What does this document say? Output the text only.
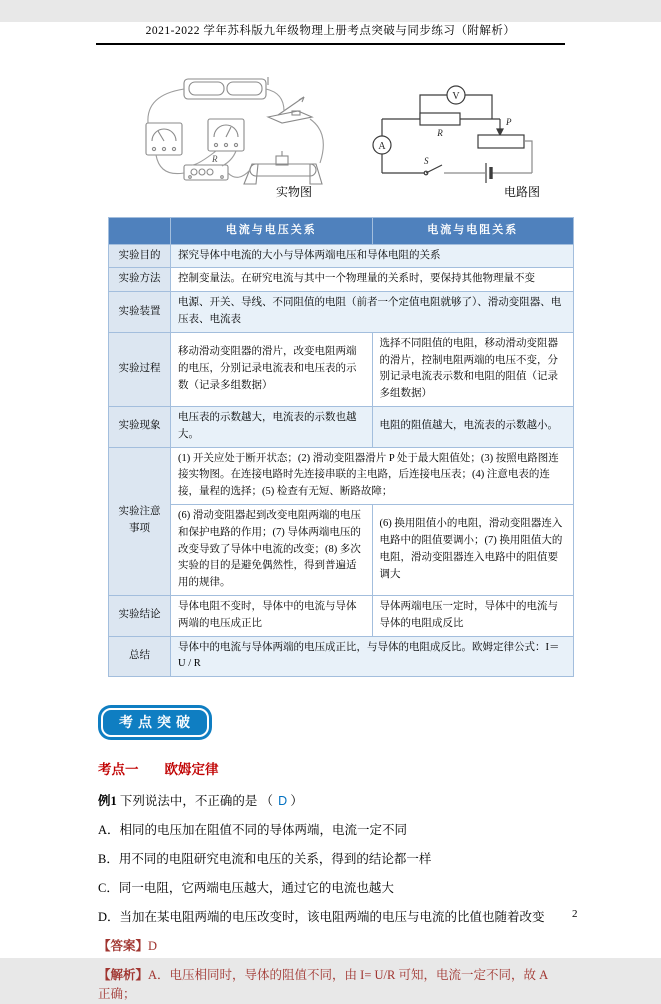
2021-2022 学年苏科版九年级物理上册考点突破与同步练习（附解析）
R
实物图
V
A
R
P
S
电路图
	电流与电压关系	电流与电阻关系
实验目的	探究导体中电流的大小与导体两端电压和导体电阻的关系	
实验方法	控制变量法。在研究电流与其中一个物理量的关系时，要保持其他物理量不变	
实验装置	电源、开关、导线、不同阻值的电阻（前者一个定值电阻就够了）、滑动变阻器、电压表、电流表	
实验过程	移动滑动变阻器的滑片，改变电阻两端的电压，分别记录电流表和电压表的示数（记录多组数据）	选择不同阻值的电阻，移动滑动变阻器的滑片，控制电阻两端的电压不变，分别记录电流表示数和电阻的阻值（记录多组数据）
实验现象	电压表的示数越大，电流表的示数也越大。	电阻的阻值越大，电流表的示数越小。
实验注意事项	(1) 开关应处于断开状态；(2) 滑动变阻器滑片 P 处于最大阻值处；(3) 按照电路图连接实物图。在连接电路时先连接串联的主电路，后连接电压表；(4) 注意电表的连接，量程的选择；(5) 检查有无短、断路故障；	
	(6) 滑动变阻器起到改变电阻两端的电压和保护电路的作用；(7) 导体两端电压的改变导致了导体中电流的改变；(8) 多次实验的目的是避免偶然性，得到普遍适用的规律。	(6) 换用阻值小的电阻，滑动变阻器连入电路中的阻值要调小；(7) 换用阻值大的电阻，滑动变阻器连入电路中的阻值要调大
实验结论	导体电阻不变时，导体中的电流与导体两端的电压成正比	导体两端电压一定时，导体中的电流与导体的电阻成反比
总结	导体中的电流与导体两端的电压成正比，与导体的电阻成反比。欧姆定律公式：I＝U / R	
考点突破
考点一 欧姆定律
例1 下列说法中，不正确的是 （ D ）
A．相同的电压加在阻值不同的导体两端，电流一定不同
B．用不同的电阻研究电流和电压的关系，得到的结论都一样
C．同一电阻，它两端电压越大，通过它的电流也越大
D．当加在某电阻两端的电压改变时，该电阻两端的电压与电流的比值也随着改变
【答案】D
【解析】A．电压相同时，导体的阻值不同，由 I= U/R 可知，电流一定不同，故 A 正确；
2
